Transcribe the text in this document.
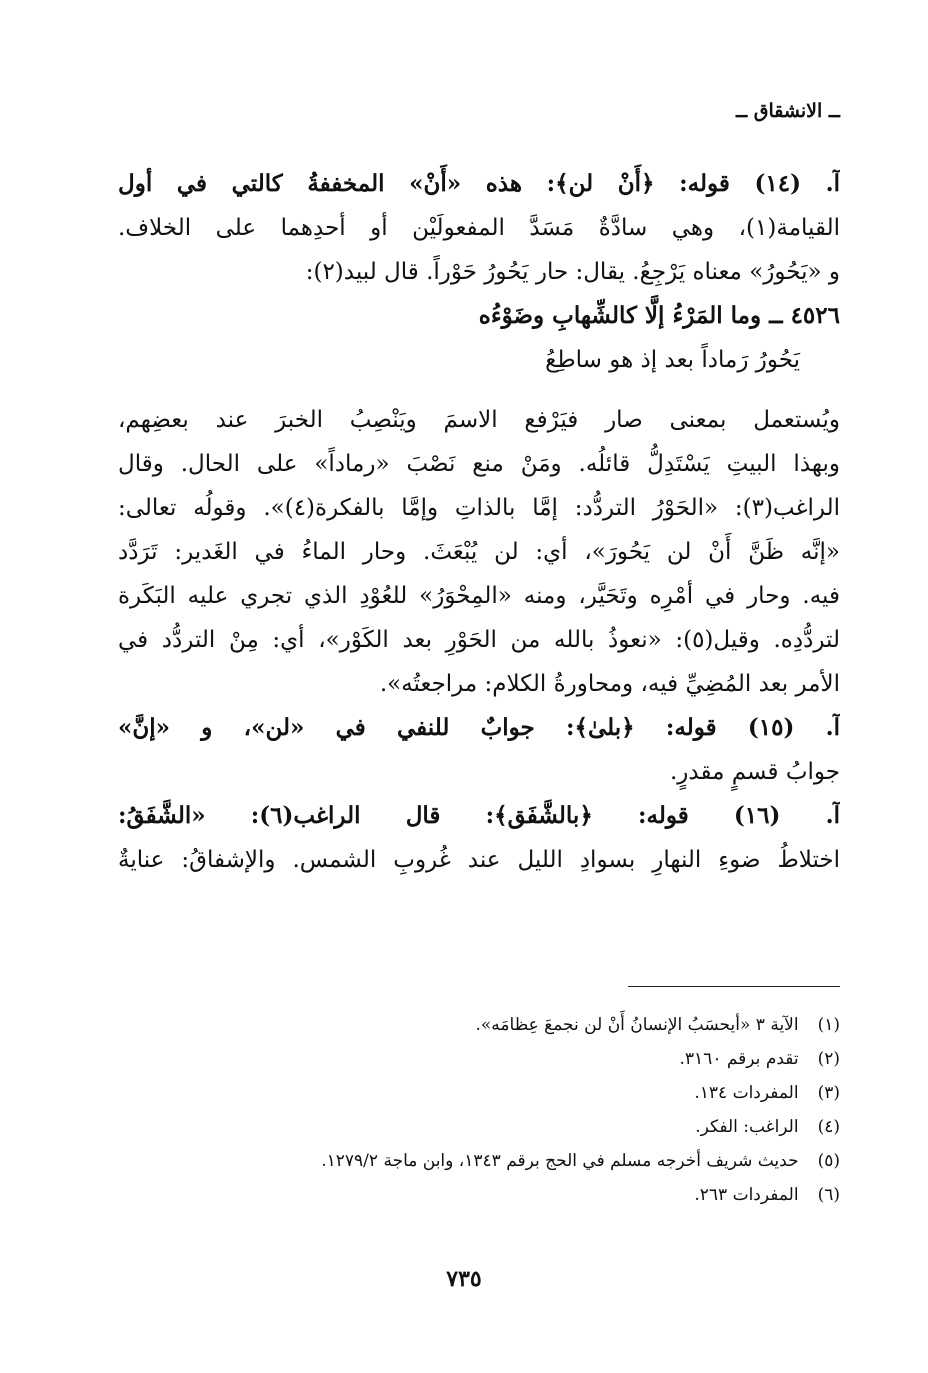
ــ الانشقاق ــ
آ. (١٤) قوله: ﴿أَنْ لن﴾: هذه «أَنْ» المخففةُ كالتي في أول
القيامة(١)، وهي سادَّةٌ مَسَدَّ المفعولَيْن أو أحدِهما على الخلاف.
و «يَحُورُ» معناه يَرْجِعُ. يقال: حار يَحُورُ حَوْراً. قال لبيد(٢):
٤٥٢٦ ــ وما المَرْءُ إلَّا كالشِّهابِ وضَوْءُه
يَحُورُ رَماداً بعد إذ هو ساطِعُ
ويُستعمل بمعنى صار فيَرْفع الاسمَ ويَنْصِبُ الخبرَ عند بعضِهم،
وبهذا البيتِ يَسْتَدِلُّ قائلُه. ومَنْ منع نَصْبَ «رماداً» على الحال. وقال
الراغب(٣): «الحَوْرُ التردُّد: إمَّا بالذاتِ وإمَّا بالفكرة(٤)». وقولُه تعالى:
«إنَّه ظَنَّ أَنْ لن يَحُورَ»، أي: لن يُبْعَثَ. وحار الماءُ في الغَدير: تَرَدَّد
فيه. وحار في أمْرِه وتَحَيَّر، ومنه «المِحْوَرُ» للعُوْدِ الذي تجري عليه البَكَرة
لتردُّدِه. وقيل(٥): «نعوذُ بالله من الحَوْرِ بعد الكَوْر»، أي: مِنْ التردُّد في
الأمر بعد المُضِيِّ فيه، ومحاورةُ الكلام: مراجعتُه».
آ. (١٥) قوله: ﴿بلىٰ﴾: جوابٌ للنفي في «لن»، و «إنَّ»
جوابُ قسمٍ مقدرٍ.
آ. (١٦) قوله: ﴿بالشَّفَق﴾: قال الراغب(٦): «الشَّفَقُ:
اختلاطُ ضوءِ النهارِ بسوادِ الليل عند غُروبِ الشمس. والإشفاقُ: عنايةٌ
(١) الآية ٣ «أيحسَبُ الإنسانُ أَنْ لن نجمعَ عِظامَه».
(٢) تقدم برقم ٣١٦٠.
(٣) المفردات ١٣٤.
(٤) الراغب: الفكر.
(٥) حديث شريف أخرجه مسلم في الحج برقم ١٣٤٣، وابن ماجة ١٢٧٩/٢.
(٦) المفردات ٢٦٣.
٧٣٥
